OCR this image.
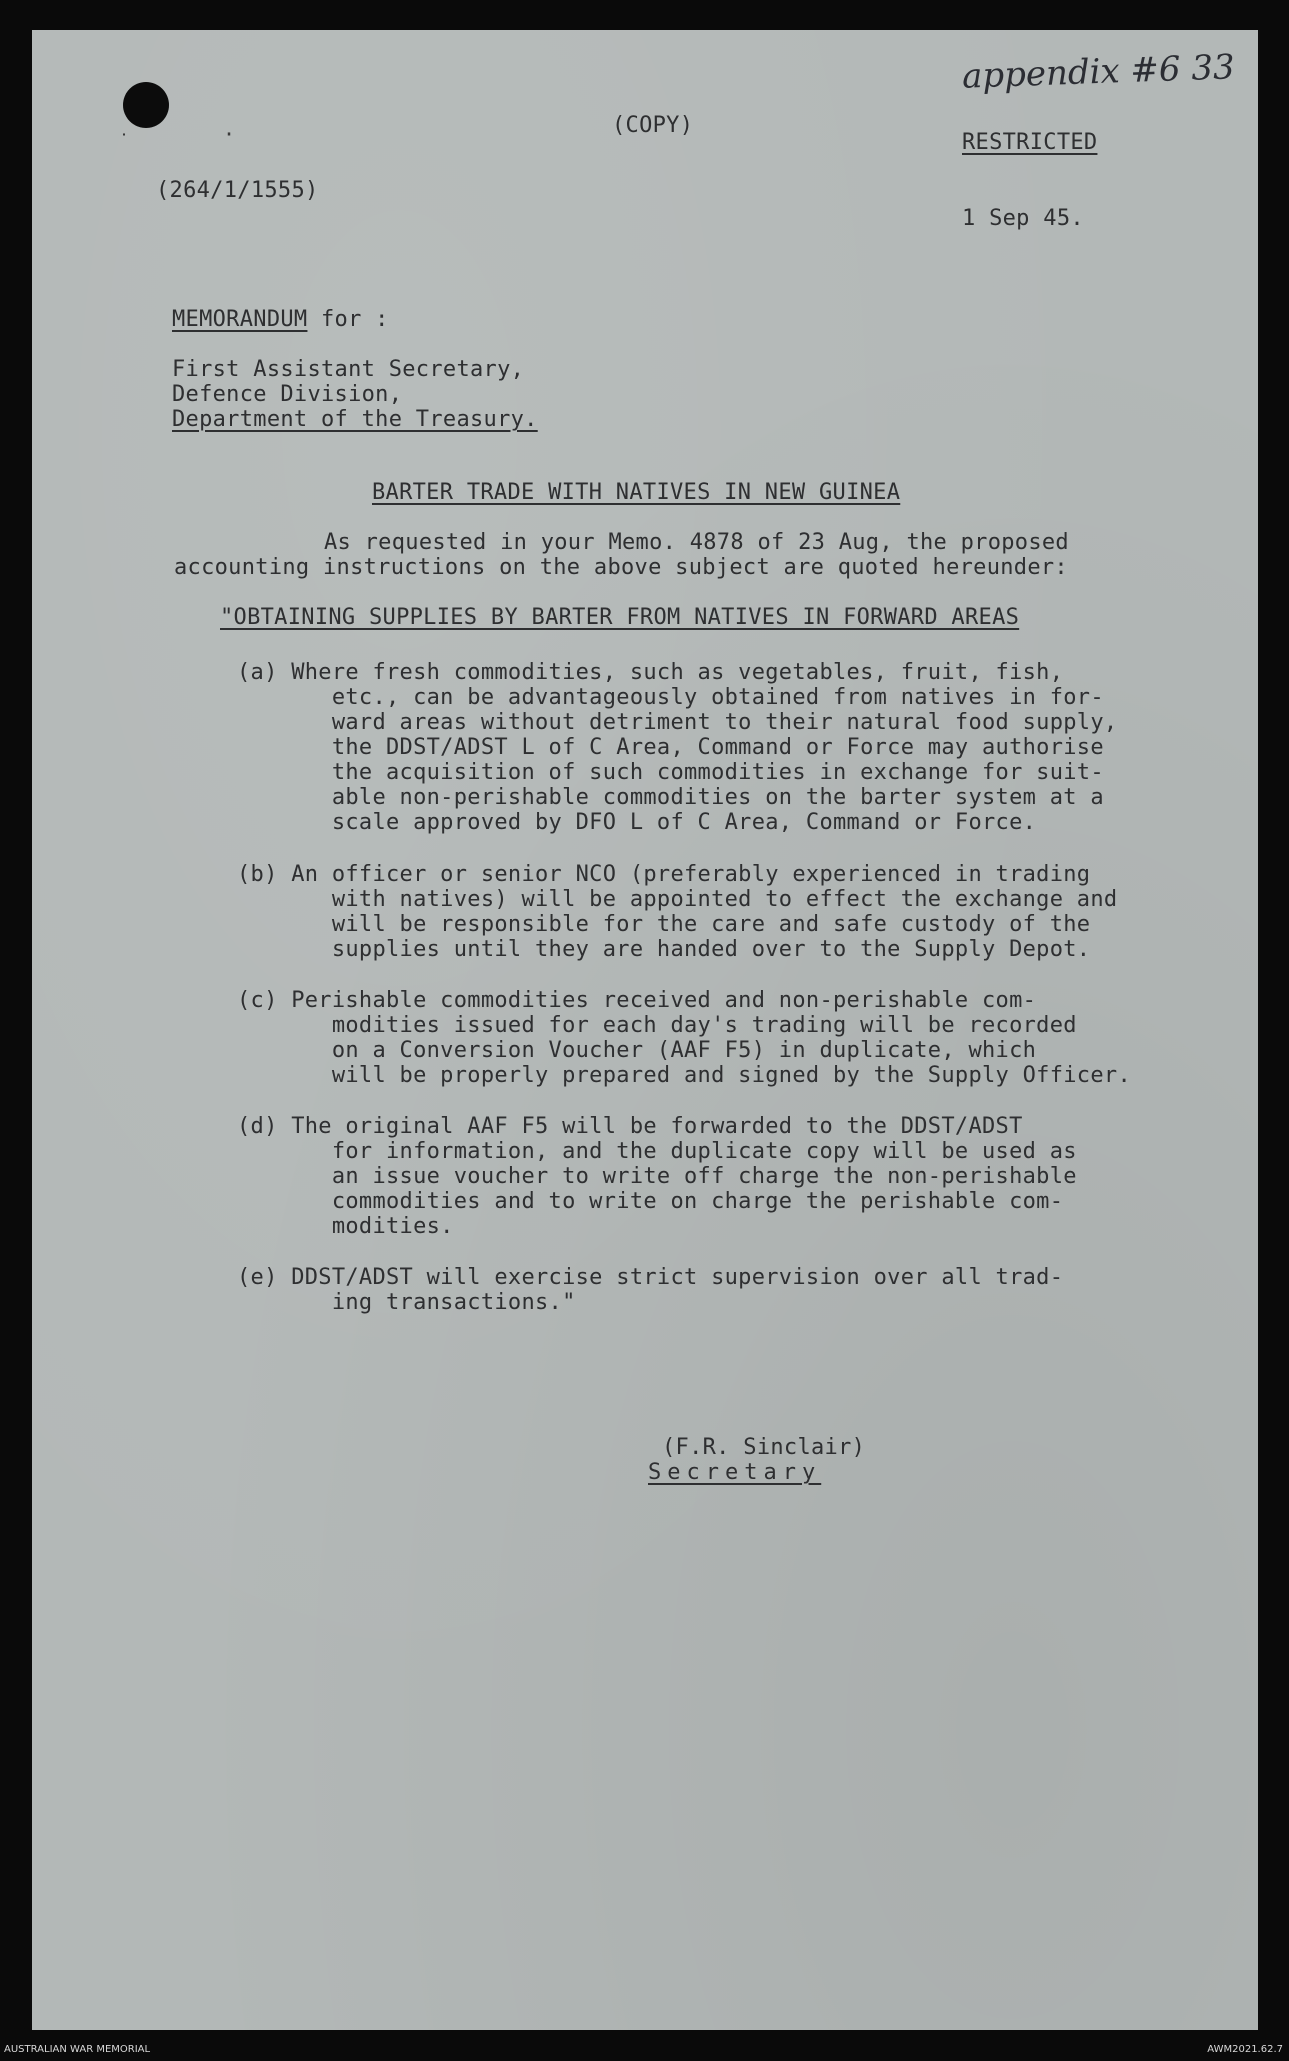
˙	·
appendix #6 33
(COPY)
RESTRICTED
(264/1/1555)
1 Sep 45.
MEMORANDUM for :
First Assistant Secretary,
Defence Division,
Department of the Treasury.
BARTER TRADE WITH NATIVES IN NEW GUINEA
As requested in your Memo. 4878 of 23 Aug, the proposed
accounting instructions on the above subject are quoted hereunder:
"OBTAINING SUPPLIES BY BARTER FROM NATIVES IN FORWARD AREAS
(a) Where fresh commodities, such as vegetables, fruit, fish,
etc., can be advantageously obtained from natives in for-
ward areas without detriment to their natural food supply,
the DDST/ADST L of C Area, Command or Force may authorise
the acquisition of such commodities in exchange for suit-
able non-perishable commodities on the barter system at a
scale approved by DFO L of C Area, Command or Force.
(b) An officer or senior NCO (preferably experienced in trading
with natives) will be appointed to effect the exchange and
will be responsible for the care and safe custody of the
supplies until they are handed over to the Supply Depot.
(c) Perishable commodities received and non-perishable com-
modities issued for each day's trading will be recorded
on a Conversion Voucher (AAF F5) in duplicate, which
will be properly prepared and signed by the Supply Officer.
(d) The original AAF F5 will be forwarded to the DDST/ADST
for information, and the duplicate copy will be used as
an issue voucher to write off charge the non-perishable
commodities and to write on charge the perishable com-
modities.
(e) DDST/ADST will exercise strict supervision over all trad-
ing transactions."
(F.R. Sinclair)
Secretary
AUSTRALIAN WAR MEMORIAL	AWM2021.62.7
